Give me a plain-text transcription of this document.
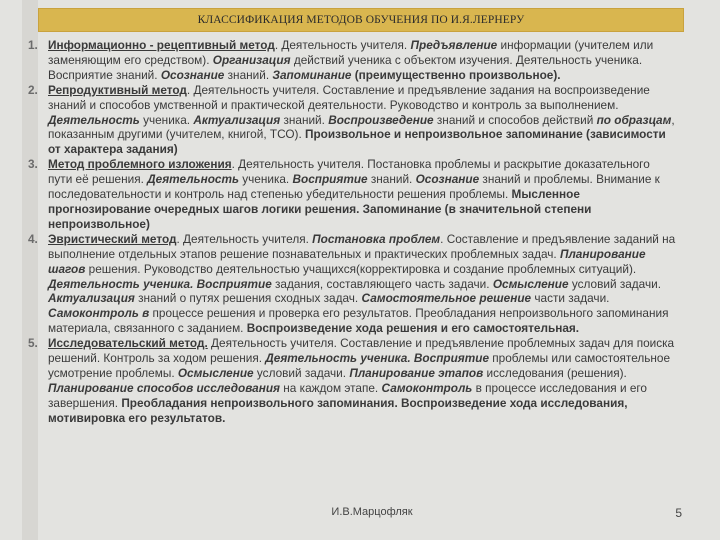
КЛАССИФИКАЦИЯ МЕТОДОВ ОБУЧЕНИЯ ПО И.Я.ЛЕРНЕРУ
1. Информационно - рецептивный метод. Деятельность учителя. Предъявление информации (учителем или заменяющим его средством). Организация действий ученика с объектом изучения. Деятельность ученика. Восприятие знаний. Осознание знаний. Запоминание (преимущественно произвольное).
2. Репродуктивный метод. Деятельность учителя. Составление и предъявление задания на воспроизведение знаний и способов умственной и практической деятельности. Руководство и контроль за выполнением. Деятельность ученика. Актуализация знаний. Воспроизведение знаний и способов действий по образцам, показанным другими (учителем, книгой, ТСО). Произвольное и непроизвольное запоминание (зависимости от характера задания)
3. Метод проблемного изложения. Деятельность учителя. Постановка проблемы и раскрытие доказательного пути её решения. Деятельность ученика. Восприятие знаний. Осознание знаний и проблемы. Внимание к последовательности и контроль над степенью убедительности решения проблемы. Мысленное прогнозирование очередных шагов логики решения. Запоминание (в значительной степени непроизвольное)
4. Эвристический метод. Деятельность учителя. Постановка проблем. Составление и предъявление заданий на выполнение отдельных этапов решение познавательных и практических проблемных задач. Планирование шагов решения. Руководство деятельностью учащихся(корректировка и создание проблемных ситуаций). Деятельность ученика. Восприятие задания, составляющего часть задачи. Осмысление условий задачи. Актуализация знаний о путях решения сходных задач. Самостоятельное решение части задачи. Самоконтроль в процессе решения и проверка его результатов. Преобладания непроизвольного запоминания материала, связанного с заданием. Воспроизведение хода решения и его самостоятельная.
5. Исследовательский метод. Деятельность учителя. Составление и предъявление проблемных задач для поиска решений. Контроль за ходом решения. Деятельность ученика. Восприятие проблемы или самостоятельное усмотрение проблемы. Осмысление условий задачи. Планирование этапов исследования (решения). Планирование способов исследования на каждом этапе. Самоконтроль в процессе исследования и его завершения. Преобладания непроизвольного запоминания. Воспроизведение хода исследования, мотивировка его результатов.
И.В.Марцофляк	5
